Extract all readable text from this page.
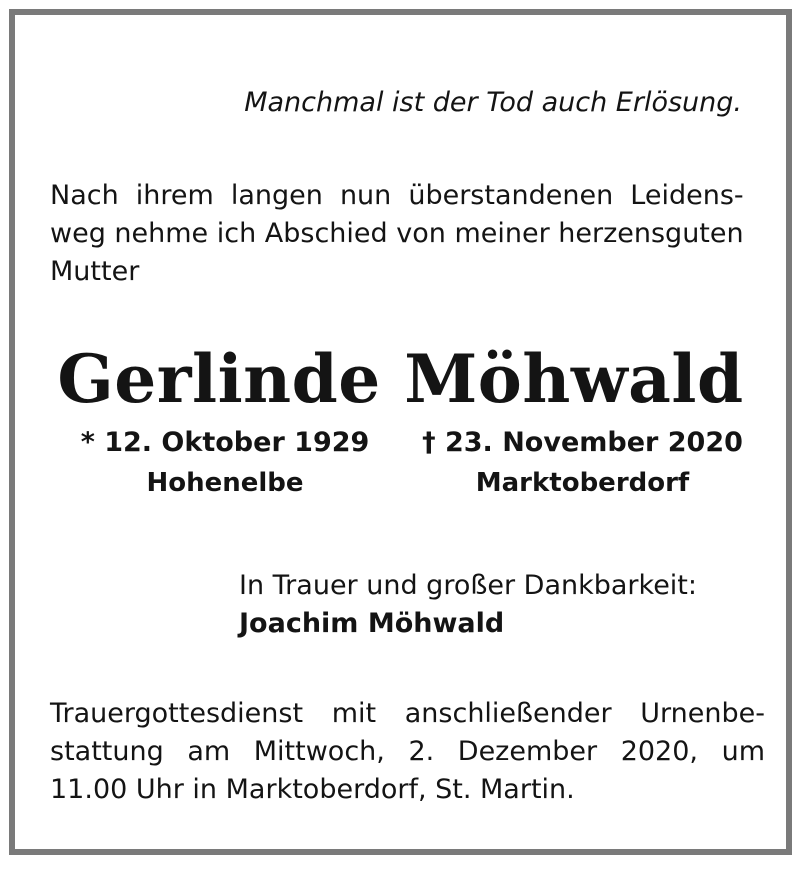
Manchmal ist der Tod auch Erlösung.
Nach ihrem langen nun überstandenen Leidens-
weg nehme ich Abschied von meiner herzensguten
Mutter
Gerlinde Möhwald
* 12. Oktober 1929
Hohenelbe
† 23. November 2020
Marktoberdorf
In Trauer und großer Dankbarkeit:
Joachim Möhwald
Trauergottesdienst mit anschließender Urnenbe-
stattung am Mittwoch, 2. Dezember 2020, um
11.00 Uhr in Marktoberdorf, St. Martin.
